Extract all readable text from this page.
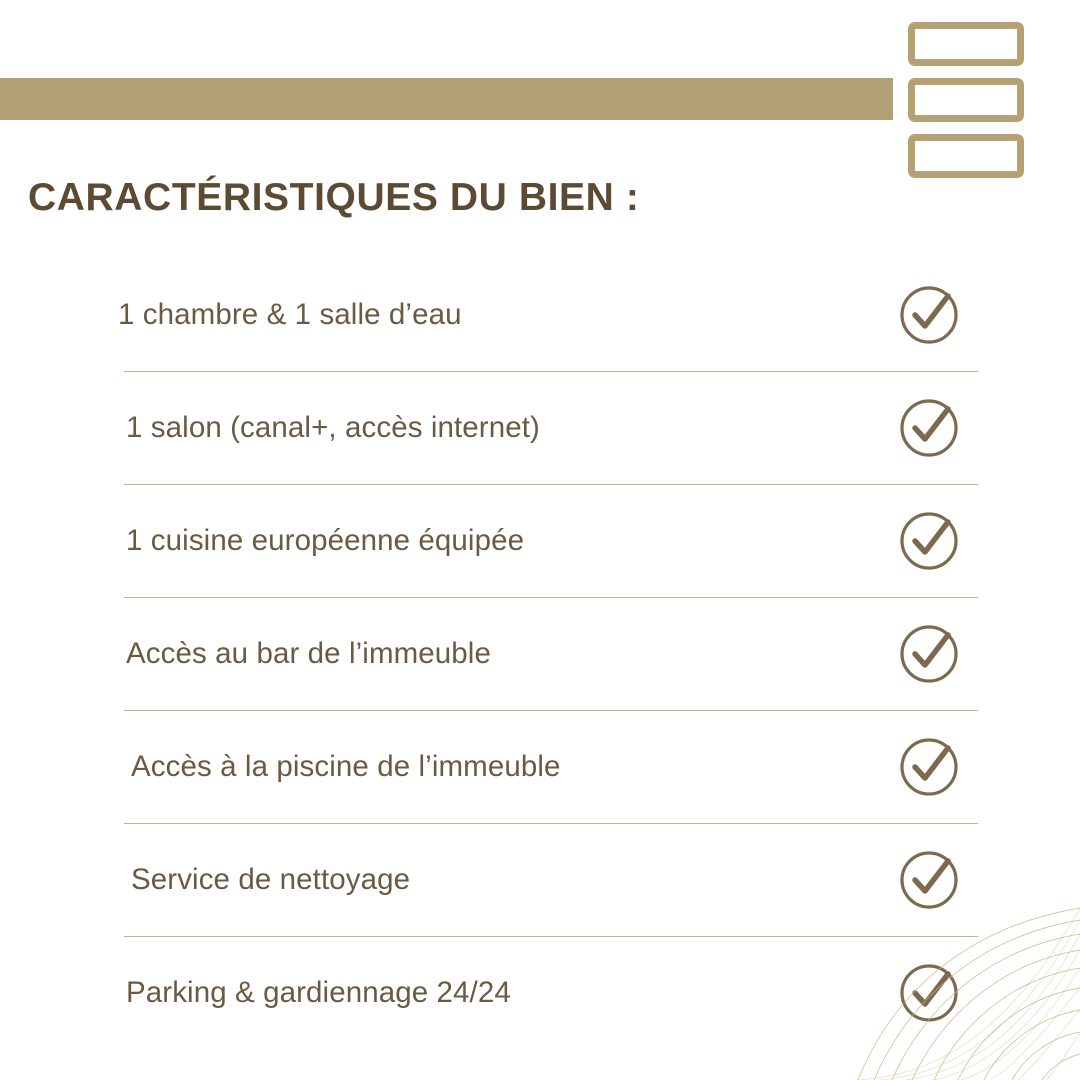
CARACTÉRISTIQUES DU BIEN :
1 chambre & 1 salle d’eau
1 salon (canal+, accès internet)
1 cuisine européenne équipée
Accès au bar de l’immeuble
Accès à la piscine de l’immeuble
Service de nettoyage
Parking & gardiennage 24/24
